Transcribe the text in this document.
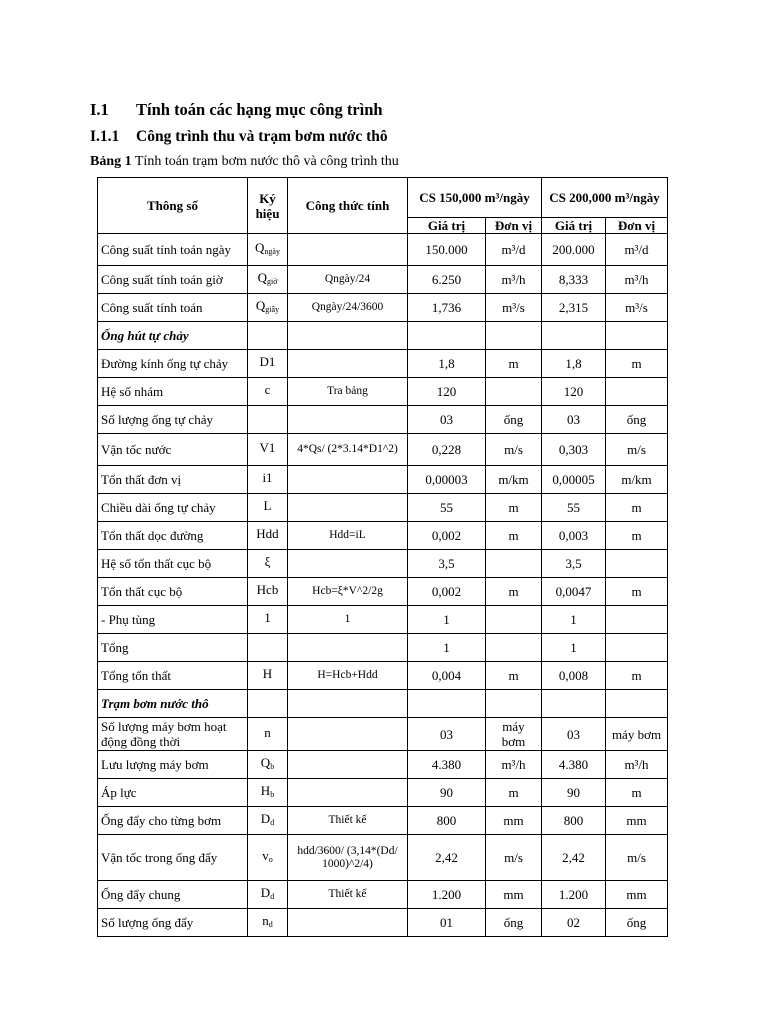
I.1 Tính toán các hạng mục công trình
I.1.1 Công trình thu và trạm bơm nước thô
Bảng 1 Tính toán trạm bơm nước thô và công trình thu
Thông số	Ký hiệu	Công thức tính	CS 150,000 m³/ngày		CS 200,000 m³/ngày	
			Giá trị	Đơn vị	Giá trị	Đơn vị
Công suất tính toán ngày	$Q_{ngày}$		150.000	m³/d	200.000	m³/d
Công suất tính toán giờ	$Q_{giờ}$	Qngày/24	6.250	m³/h	8,333	m³/h
Công suất tính toán	$Q_{giây}$	Qngày/24/3600	1,736	m³/s	2,315	m³/s
Ống hút tự chảy						
Đường kính ống tự chảy	D1		1,8	m	1,8	m
Hệ số nhám	c	Tra bảng	120		120	
Số lượng ống tự chảy			03	ống	03	ống
Vận tốc nước	V1	4*Qs/ (2*3.14*D1^2)	0,228	m/s	0,303	m/s
Tổn thất đơn vị	i1		0,00003	m/km	0,00005	m/km
Chiều dài ống tự chảy	L		55	m	55	m
Tổn thất dọc đường	Hdd	Hdd=iL	0,002	m	0,003	m
Hệ số tổn thất cục bộ	ξ		3,5		3,5	
Tổn thất cục bộ	Hcb	Hcb=ξ*V^2/2g	0,002	m	0,0047	m
- Phụ tùng	1	1	1		1	
Tổng			1		1	
Tổng tổn thất	H	H=Hcb+Hdd	0,004	m	0,008	m
Trạm bơm nước thô						
Số lượng máy bơm hoạt động đồng thời	n		03	máy bơm	03	máy bơm
Lưu lượng máy bơm	$Q_b$		4.380	m³/h	4.380	m³/h
Áp lực	$H_b$		90	m	90	m
Ống đẩy cho từng bơm	$D_d$	Thiết kế	800	mm	800	mm
Vận tốc trong ống đẩy	$v_o$	hdd/3600/ (3,14*(Dd/ 1000)^2/4)	2,42	m/s	2,42	m/s
Ống đẩy chung	$D_d$	Thiết kế	1.200	mm	1.200	mm
Số lượng ống đẩy	$n_d$		01	ống	02	ống
